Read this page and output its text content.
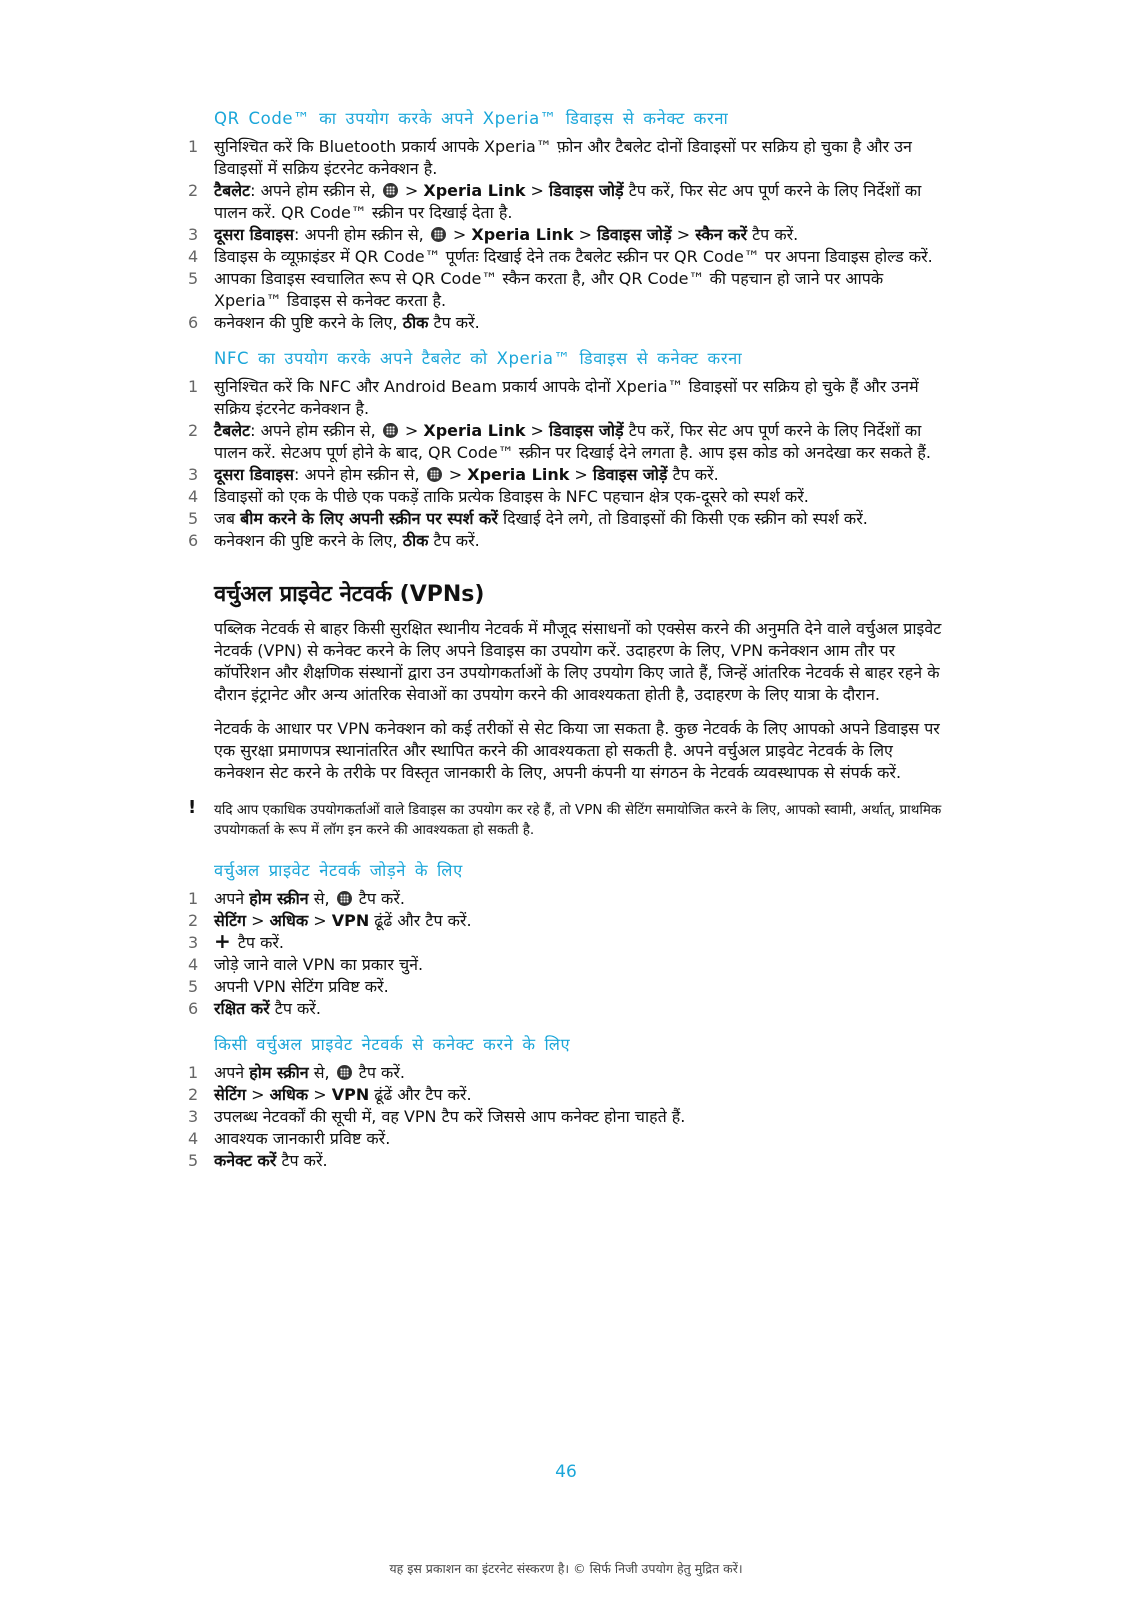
QR Code™ का उपयोग करके अपने Xperia™ डिवाइस से कनेक्ट करना
1 सुनिश्चित करें कि Bluetooth प्रकार्य आपके Xperia™ फ़ोन और टैबलेट दोनों डिवाइसों पर सक्रिय हो चुका है और उन डिवाइसों में सक्रिय इंटरनेट कनेक्शन है.
2 टैबलेट: अपने होम स्क्रीन से,  > Xperia Link > डिवाइस जोड़ें टैप करें, फिर सेट अप पूर्ण करने के लिए निर्देशों का पालन करें. QR Code™ स्क्रीन पर दिखाई देता है.
3 दूसरा डिवाइस: अपनी होम स्क्रीन से,  > Xperia Link > डिवाइस जोड़ें > स्कैन करें टैप करें.
4 डिवाइस के व्यूफ़ाइंडर में QR Code™ पूर्णतः दिखाई देने तक टैबलेट स्क्रीन पर QR Code™ पर अपना डिवाइस होल्ड करें.
5 आपका डिवाइस स्वचालित रूप से QR Code™ स्कैन करता है, और QR Code™ की पहचान हो जाने पर आपके Xperia™ डिवाइस से कनेक्ट करता है.
6 कनेक्शन की पुष्टि करने के लिए, ठीक टैप करें.
NFC का उपयोग करके अपने टैबलेट को Xperia™ डिवाइस से कनेक्ट करना
1 सुनिश्चित करें कि NFC और Android Beam प्रकार्य आपके दोनों Xperia™ डिवाइसों पर सक्रिय हो चुके हैं और उनमें सक्रिय इंटरनेट कनेक्शन है.
2 टैबलेट: अपने होम स्क्रीन से,  > Xperia Link > डिवाइस जोड़ें टैप करें, फिर सेट अप पूर्ण करने के लिए निर्देशों का पालन करें. सेटअप पूर्ण होने के बाद, QR Code™ स्क्रीन पर दिखाई देने लगता है. आप इस कोड को अनदेखा कर सकते हैं.
3 दूसरा डिवाइस: अपने होम स्क्रीन से,  > Xperia Link > डिवाइस जोड़ें टैप करें.
4 डिवाइसों को एक के पीछे एक पकड़ें ताकि प्रत्येक डिवाइस के NFC पहचान क्षेत्र एक-दूसरे को स्पर्श करें.
5 जब बीम करने के लिए अपनी स्क्रीन पर स्पर्श करें दिखाई देने लगे, तो डिवाइसों की किसी एक स्क्रीन को स्पर्श करें.
6 कनेक्शन की पुष्टि करने के लिए, ठीक टैप करें.
वर्चुअल प्राइवेट नेटवर्क (VPNs)

पब्लिक नेटवर्क से बाहर किसी सुरक्षित स्थानीय नेटवर्क में मौजूद संसाधनों को एक्सेस करने की अनुमति देने वाले वर्चुअल प्राइवेट नेटवर्क (VPN) से कनेक्ट करने के लिए अपने डिवाइस का उपयोग करें. उदाहरण के लिए, VPN कनेक्शन आम तौर पर कॉर्पोरेशन और शैक्षणिक संस्थानों द्वारा उन उपयोगकर्ताओं के लिए उपयोग किए जाते हैं, जिन्हें आंतरिक नेटवर्क से बाहर रहने के दौरान इंट्रानेट और अन्य आंतरिक सेवाओं का उपयोग करने की आवश्यकता होती है, उदाहरण के लिए यात्रा के दौरान.

नेटवर्क के आधार पर VPN कनेक्शन को कई तरीकों से सेट किया जा सकता है. कुछ नेटवर्क के लिए आपको अपने डिवाइस पर एक सुरक्षा प्रमाणपत्र स्थानांतरित और स्थापित करने की आवश्यकता हो सकती है. अपने वर्चुअल प्राइवेट नेटवर्क के लिए कनेक्शन सेट करने के तरीके पर विस्तृत जानकारी के लिए, अपनी कंपनी या संगठन के नेटवर्क व्यवस्थापक से संपर्क करें.

!	यदि आप एकाधिक उपयोगकर्ताओं वाले डिवाइस का उपयोग कर रहे हैं, तो VPN की सेटिंग समायोजित करने के लिए, आपको स्वामी, अर्थात्, प्राथमिक उपयोगकर्ता के रूप में लॉग इन करने की आवश्यकता हो सकती है.
वर्चुअल प्राइवेट नेटवर्क जोड़ने के लिए
1 अपने होम स्क्रीन से,  टैप करें.
2 सेटिंग > अधिक > VPN ढूंढें और टैप करें.
3 + टैप करें.
4 जोड़े जाने वाले VPN का प्रकार चुनें.
5 अपनी VPN सेटिंग प्रविष्ट करें.
6 रक्षित करें टैप करें.
किसी वर्चुअल प्राइवेट नेटवर्क से कनेक्ट करने के लिए
1 अपने होम स्क्रीन से,  टैप करें.
2 सेटिंग > अधिक > VPN ढूंढें और टैप करें.
3 उपलब्ध नेटवर्कों की सूची में, वह VPN टैप करें जिससे आप कनेक्ट होना चाहते हैं.
4 आवश्यक जानकारी प्रविष्ट करें.
5 कनेक्ट करें टैप करें.
46
यह इस प्रकाशन का इंटरनेट संस्करण है। © सिर्फ निजी उपयोग हेतु मुद्रित करें।
